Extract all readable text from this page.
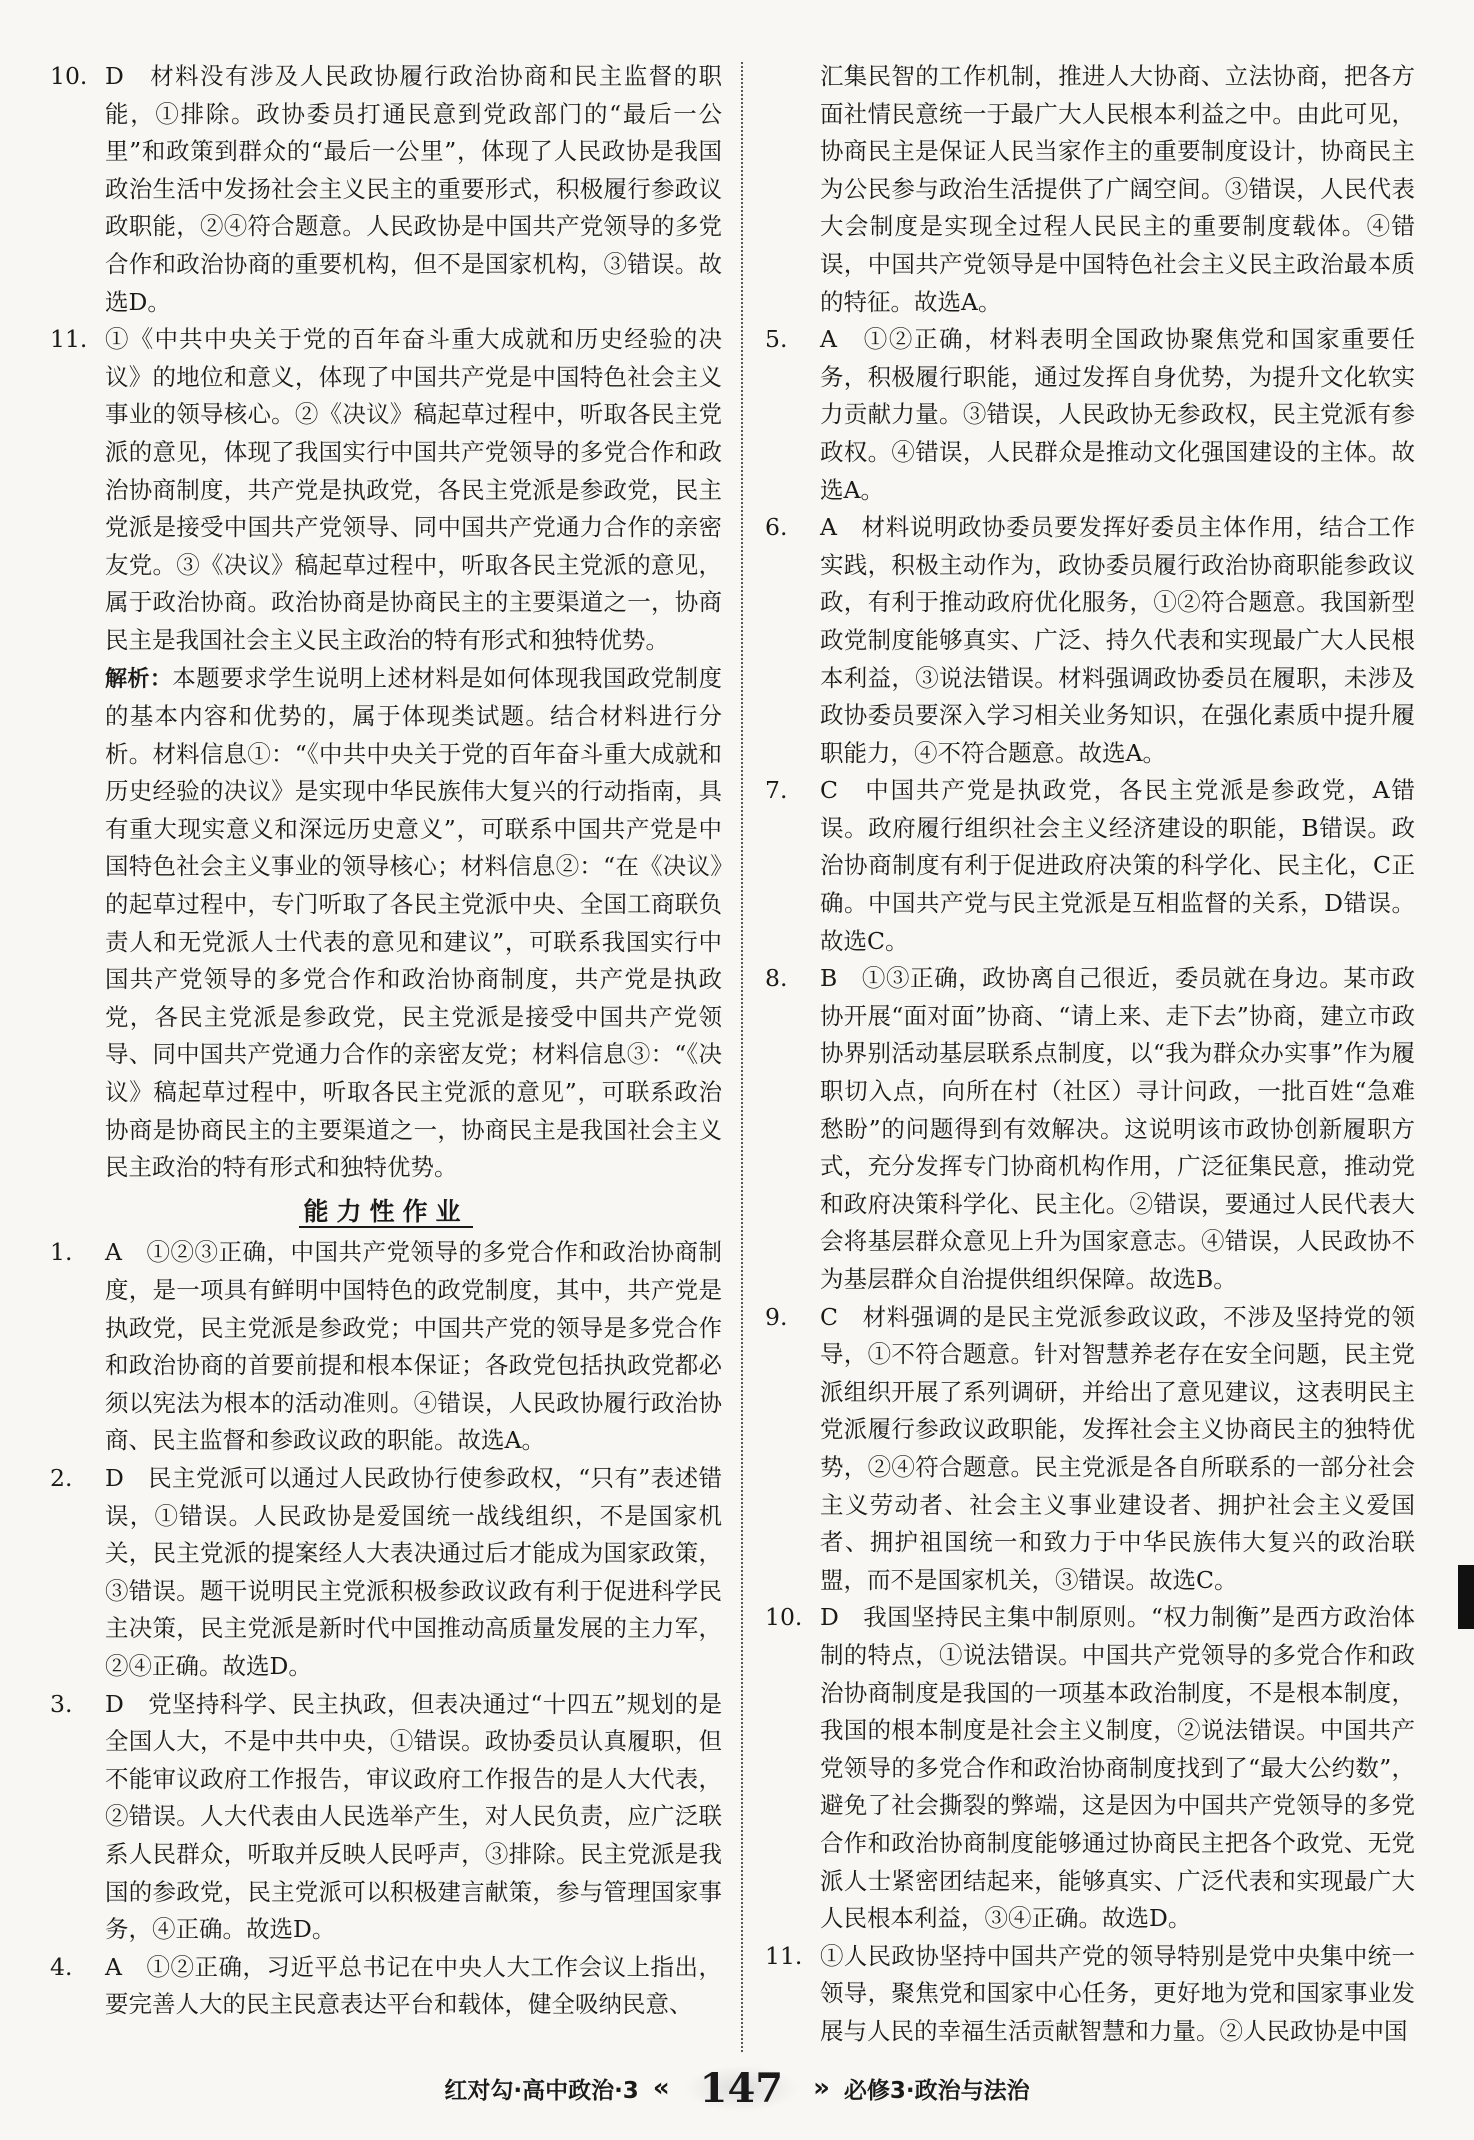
10. D　材料没有涉及人民政协履行政治协商和民主监督的职能，①排除。政协委员打通民意到党政部门的“最后一公里”和政策到群众的“最后一公里”，体现了人民政协是我国政治生活中发扬社会主义民主的重要形式，积极履行参政议政职能，②④符合题意。人民政协是中国共产党领导的多党合作和政治协商的重要机构，但不是国家机构，③错误。故选D。

11. ①《中共中央关于党的百年奋斗重大成就和历史经验的决议》的地位和意义，体现了中国共产党是中国特色社会主义事业的领导核心。②《决议》稿起草过程中，听取各民主党派的意见，体现了我国实行中国共产党领导的多党合作和政治协商制度，共产党是执政党，各民主党派是参政党，民主党派是接受中国共产党领导、同中国共产党通力合作的亲密友党。③《决议》稿起草过程中，听取各民主党派的意见，属于政治协商。政治协商是协商民主的主要渠道之一，协商民主是我国社会主义民主政治的特有形式和独特优势。

解析：本题要求学生说明上述材料是如何体现我国政党制度的基本内容和优势的，属于体现类试题。结合材料进行分析。材料信息①：“《中共中央关于党的百年奋斗重大成就和历史经验的决议》是实现中华民族伟大复兴的行动指南，具有重大现实意义和深远历史意义”，可联系中国共产党是中国特色社会主义事业的领导核心；材料信息②：“在《决议》的起草过程中，专门听取了各民主党派中央、全国工商联负责人和无党派人士代表的意见和建议”，可联系我国实行中国共产党领导的多党合作和政治协商制度，共产党是执政党，各民主党派是参政党，民主党派是接受中国共产党领导、同中国共产党通力合作的亲密友党；材料信息③：“《决议》稿起草过程中，听取各民主党派的意见”，可联系政治协商是协商民主的主要渠道之一，协商民主是我国社会主义民主政治的特有形式和独特优势。

能力性作业

1. A　①②③正确，中国共产党领导的多党合作和政治协商制度，是一项具有鲜明中国特色的政党制度，其中，共产党是执政党，民主党派是参政党；中国共产党的领导是多党合作和政治协商的首要前提和根本保证；各政党包括执政党都必须以宪法为根本的活动准则。④错误，人民政协履行政治协商、民主监督和参政议政的职能。故选A。

2. D　民主党派可以通过人民政协行使参政权，“只有”表述错误，①错误。人民政协是爱国统一战线组织，不是国家机关，民主党派的提案经人大表决通过后才能成为国家政策，③错误。题干说明民主党派积极参政议政有利于促进科学民主决策，民主党派是新时代中国推动高质量发展的主力军，②④正确。故选D。

3. D　党坚持科学、民主执政，但表决通过“十四五”规划的是全国人大，不是中共中央，①错误。政协委员认真履职，但不能审议政府工作报告，审议政府工作报告的是人大代表，②错误。人大代表由人民选举产生，对人民负责，应广泛联系人民群众，听取并反映人民呼声，③排除。民主党派是我国的参政党，民主党派可以积极建言献策，参与管理国家事务，④正确。故选D。

4. A　①②正确，习近平总书记在中央人大工作会议上指出，要完善人大的民主民意表达平台和载体，健全吸纳民意、

汇集民智的工作机制，推进人大协商、立法协商，把各方面社情民意统一于最广大人民根本利益之中。由此可见，协商民主是保证人民当家作主的重要制度设计，协商民主为公民参与政治生活提供了广阔空间。③错误，人民代表大会制度是实现全过程人民民主的重要制度载体。④错误，中国共产党领导是中国特色社会主义民主政治最本质的特征。故选A。

5. A　①②正确，材料表明全国政协聚焦党和国家重要任务，积极履行职能，通过发挥自身优势，为提升文化软实力贡献力量。③错误，人民政协无参政权，民主党派有参政权。④错误，人民群众是推动文化强国建设的主体。故选A。

6. A　材料说明政协委员要发挥好委员主体作用，结合工作实践，积极主动作为，政协委员履行政治协商职能参政议政，有利于推动政府优化服务，①②符合题意。我国新型政党制度能够真实、广泛、持久代表和实现最广大人民根本利益，③说法错误。材料强调政协委员在履职，未涉及政协委员要深入学习相关业务知识，在强化素质中提升履职能力，④不符合题意。故选A。

7. C　中国共产党是执政党，各民主党派是参政党，A错误。政府履行组织社会主义经济建设的职能，B错误。政治协商制度有利于促进政府决策的科学化、民主化，C正确。中国共产党与民主党派是互相监督的关系，D错误。故选C。

8. B　①③正确，政协离自己很近，委员就在身边。某市政协开展“面对面”协商、“请上来、走下去”协商，建立市政协界别活动基层联系点制度，以“我为群众办实事”作为履职切入点，向所在村（社区）寻计问政，一批百姓“急难愁盼”的问题得到有效解决。这说明该市政协创新履职方式，充分发挥专门协商机构作用，广泛征集民意，推动党和政府决策科学化、民主化。②错误，要通过人民代表大会将基层群众意见上升为国家意志。④错误，人民政协不为基层群众自治提供组织保障。故选B。

9. C　材料强调的是民主党派参政议政，不涉及坚持党的领导，①不符合题意。针对智慧养老存在安全问题，民主党派组织开展了系列调研，并给出了意见建议，这表明民主党派履行参政议政职能，发挥社会主义协商民主的独特优势，②④符合题意。民主党派是各自所联系的一部分社会主义劳动者、社会主义事业建设者、拥护社会主义爱国者、拥护祖国统一和致力于中华民族伟大复兴的政治联盟，而不是国家机关，③错误。故选C。

10. D　我国坚持民主集中制原则。“权力制衡”是西方政治体制的特点，①说法错误。中国共产党领导的多党合作和政治协商制度是我国的一项基本政治制度，不是根本制度，我国的根本制度是社会主义制度，②说法错误。中国共产党领导的多党合作和政治协商制度找到了“最大公约数”，避免了社会撕裂的弊端，这是因为中国共产党领导的多党合作和政治协商制度能够通过协商民主把各个政党、无党派人士紧密团结起来，能够真实、广泛代表和实现最广大人民根本利益，③④正确。故选D。

11. ①人民政协坚持中国共产党的领导特别是党中央集中统一领导，聚焦党和国家中心任务，更好地为党和国家事业发展与人民的幸福生活贡献智慧和力量。②人民政协是中国

红对勾·高中政治·3 « 147	» 必修3·政治与法治
